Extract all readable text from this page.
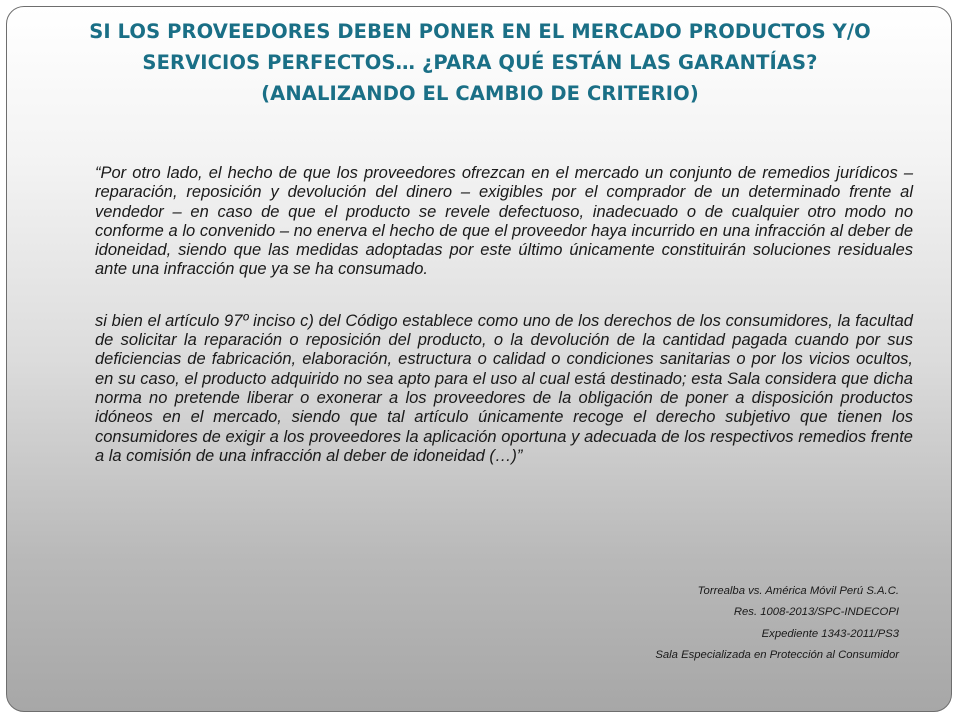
SI LOS PROVEEDORES DEBEN PONER EN EL MERCADO PRODUCTOS Y/O
SERVICIOS PERFECTOS… ¿PARA QUÉ ESTÁN LAS GARANTÍAS?
(ANALIZANDO EL CAMBIO DE CRITERIO)

“Por otro lado, el hecho de que los proveedores ofrezcan en el mercado un conjunto de remedios jurídicos –reparación, reposición y devolución del dinero – exigibles por el comprador de un determinado frente al vendedor – en caso de que el producto se revele defectuoso, inadecuado o de cualquier otro modo no conforme a lo convenido – no enerva el hecho de que el proveedor haya incurrido en una infracción al deber de idoneidad, siendo que las medidas adoptadas por este último únicamente constituirán soluciones residuales ante una infracción que ya se ha consumado.

si bien el artículo 97º inciso c) del Código establece como uno de los derechos de los consumidores, la facultad de solicitar la reparación o reposición del producto, o la devolución de la cantidad pagada cuando por sus deficiencias de fabricación, elaboración, estructura o calidad o condiciones sanitarias o por los vicios ocultos, en su caso, el producto adquirido no sea apto para el uso al cual está destinado; esta Sala considera que dicha norma no pretende liberar o exonerar a los proveedores de la obligación de poner a disposición productos idóneos en el mercado, siendo que tal artículo únicamente recoge el derecho subjetivo que tienen los consumidores de exigir a los proveedores la aplicación oportuna y adecuada de los respectivos remedios frente a la comisión de una infracción al deber de idoneidad (…)”

Torrealba vs. América Móvil Perú S.A.C.
Res. 1008-2013/SPC-INDECOPI
Expediente 1343-2011/PS3
Sala Especializada en Protección al Consumidor
